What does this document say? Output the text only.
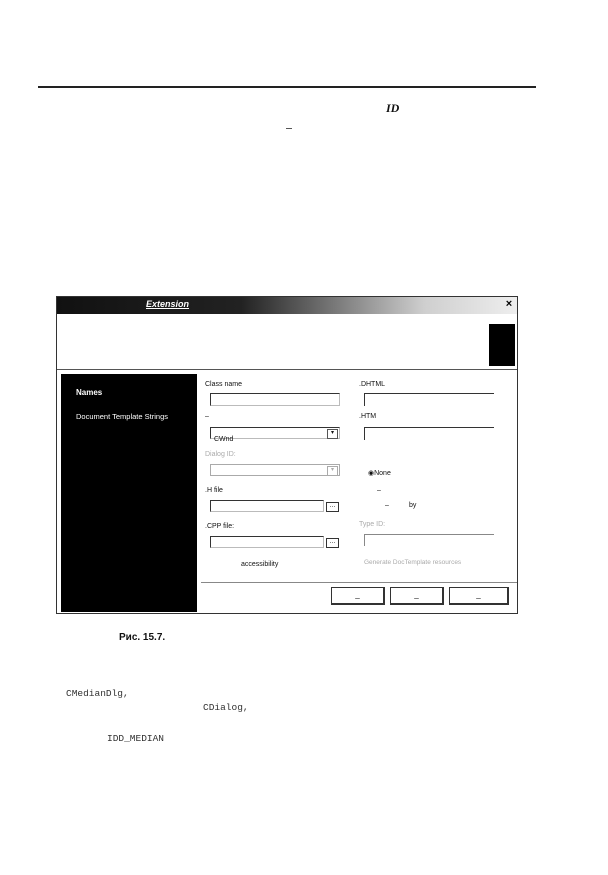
ID
Extension	×
Names
Document Template Strings
Class name
–
CWnd
▾
Dialog ID:
▾
.H file
...
.CPP file:
...
accessibility
.DHTML
.HTM
◉None
–
–	by
Type ID:
Generate DocTemplate resources
_	_	_
Рис. 15.7.
CMedianDlg,
CDialog,
IDD_MEDIAN
